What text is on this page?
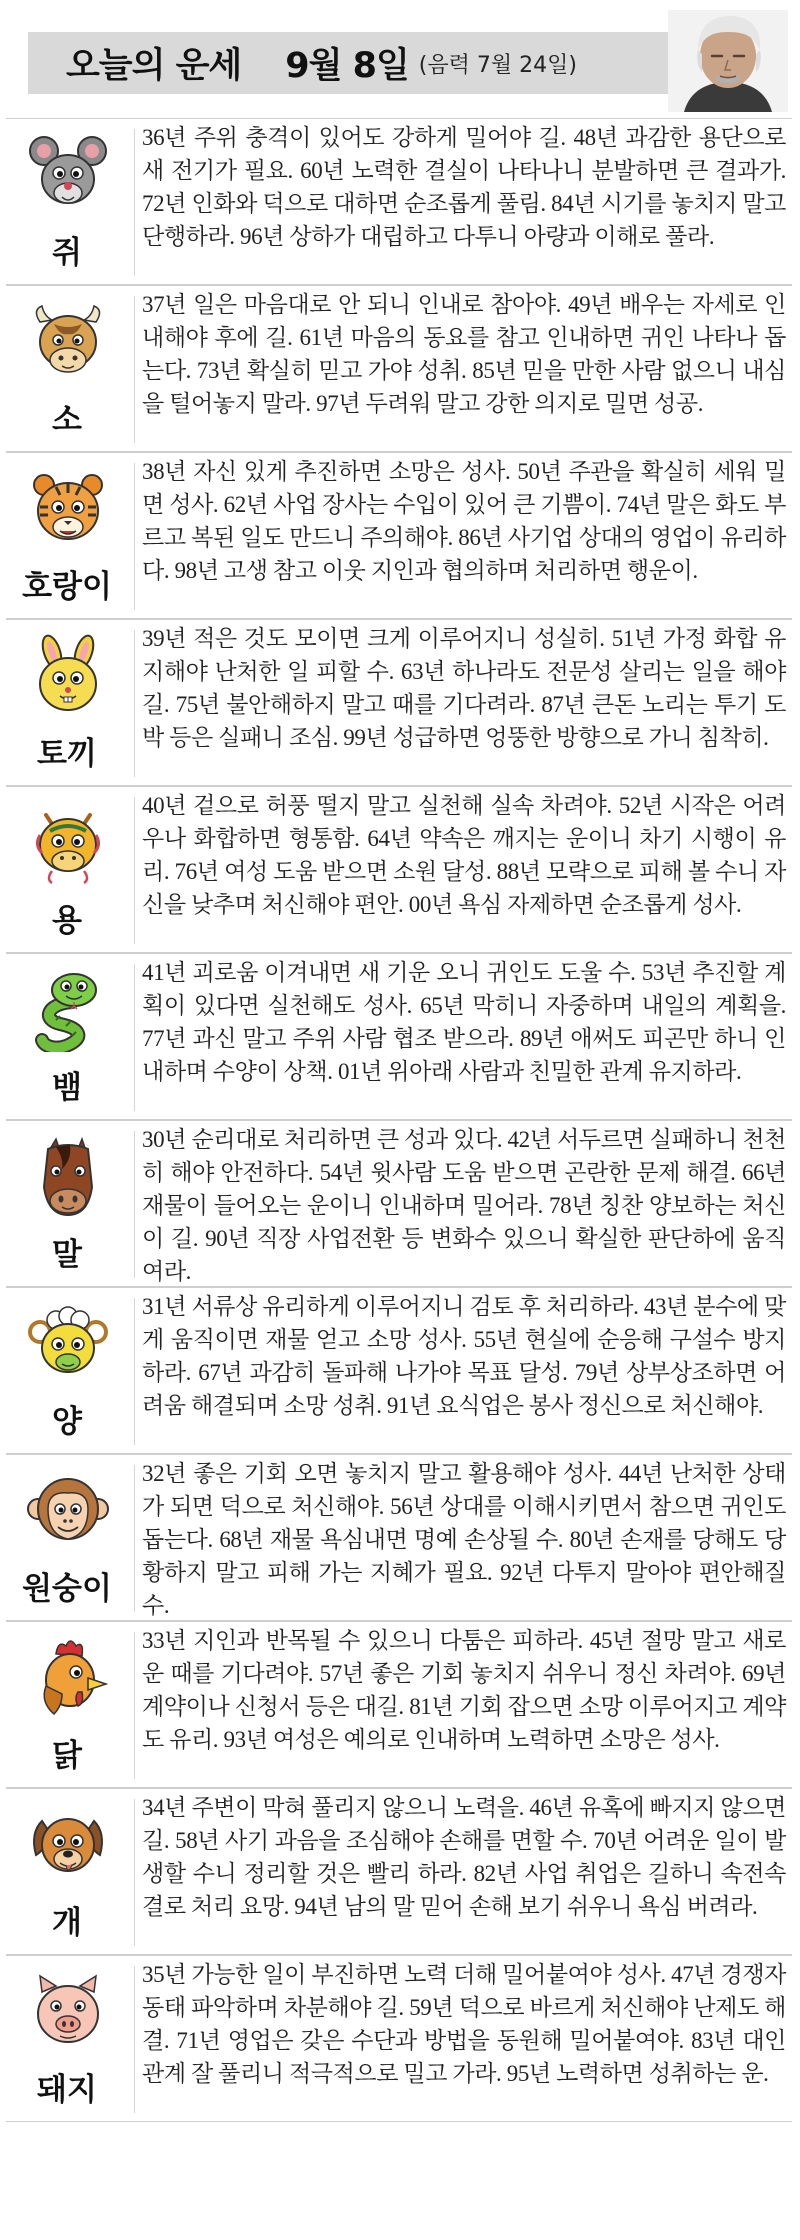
오늘의 운세 9월 8일 (음력 7월 24일)
쥐

36년 주위 충격이 있어도 강하게 밀어야 길. 48년 과감한 용단으로 새 전기가 필요. 60년 노력한 결실이 나타나니 분발하면 큰 결과가. 72년 인화와 덕으로 대하면 순조롭게 풀림. 84년 시기를 놓치지 말고 단행하라. 96년 상하가 대립하고 다투니 아량과 이해로 풀라.

소

37년 일은 마음대로 안 되니 인내로 참아야. 49년 배우는 자세로 인내해야 후에 길. 61년 마음의 동요를 참고 인내하면 귀인 나타나 돕는다. 73년 확실히 믿고 가야 성취. 85년 믿을 만한 사람 없으니 내심을 털어놓지 말라. 97년 두려워 말고 강한 의지로 밀면 성공.

호랑이

38년 자신 있게 추진하면 소망은 성사. 50년 주관을 확실히 세워 밀면 성사. 62년 사업 장사는 수입이 있어 큰 기쁨이. 74년 말은 화도 부르고 복된 일도 만드니 주의해야. 86년 사기업 상대의 영업이 유리하다. 98년 고생 참고 이웃 지인과 협의하며 처리하면 행운이.

토끼

39년 적은 것도 모이면 크게 이루어지니 성실히. 51년 가정 화합 유지해야 난처한 일 피할 수. 63년 하나라도 전문성 살리는 일을 해야 길. 75년 불안해하지 말고 때를 기다려라. 87년 큰돈 노리는 투기 도박 등은 실패니 조심. 99년 성급하면 엉뚱한 방향으로 가니 침착히.

용

40년 겉으로 허풍 떨지 말고 실천해 실속 차려야. 52년 시작은 어려우나 화합하면 형통함. 64년 약속은 깨지는 운이니 차기 시행이 유리. 76년 여성 도움 받으면 소원 달성. 88년 모략으로 피해 볼 수니 자신을 낮추며 처신해야 편안. 00년 욕심 자제하면 순조롭게 성사.

뱀

41년 괴로움 이겨내면 새 기운 오니 귀인도 도울 수. 53년 추진할 계획이 있다면 실천해도 성사. 65년 막히니 자중하며 내일의 계획을. 77년 과신 말고 주위 사람 협조 받으라. 89년 애써도 피곤만 하니 인내하며 수양이 상책. 01년 위아래 사람과 친밀한 관계 유지하라.

말

30년 순리대로 처리하면 큰 성과 있다. 42년 서두르면 실패하니 천천히 해야 안전하다. 54년 윗사람 도움 받으면 곤란한 문제 해결. 66년 재물이 들어오는 운이니 인내하며 밀어라. 78년 칭찬 양보하는 처신이 길. 90년 직장 사업전환 등 변화수 있으니 확실한 판단하에 움직여라.

양

31년 서류상 유리하게 이루어지니 검토 후 처리하라. 43년 분수에 맞게 움직이면 재물 얻고 소망 성사. 55년 현실에 순응해 구설수 방지하라. 67년 과감히 돌파해 나가야 목표 달성. 79년 상부상조하면 어려움 해결되며 소망 성취. 91년 요식업은 봉사 정신으로 처신해야.

원숭이

32년 좋은 기회 오면 놓치지 말고 활용해야 성사. 44년 난처한 상태가 되면 덕으로 처신해야. 56년 상대를 이해시키면서 참으면 귀인도 돕는다. 68년 재물 욕심내면 명예 손상될 수. 80년 손재를 당해도 당황하지 말고 피해 가는 지혜가 필요. 92년 다투지 말아야 편안해질 수.

닭

33년 지인과 반목될 수 있으니 다툼은 피하라. 45년 절망 말고 새로운 때를 기다려야. 57년 좋은 기회 놓치지 쉬우니 정신 차려야. 69년 계약이나 신청서 등은 대길. 81년 기회 잡으면 소망 이루어지고 계약도 유리. 93년 여성은 예의로 인내하며 노력하면 소망은 성사.

개

34년 주변이 막혀 풀리지 않으니 노력을. 46년 유혹에 빠지지 않으면 길. 58년 사기 과음을 조심해야 손해를 면할 수. 70년 어려운 일이 발생할 수니 정리할 것은 빨리 하라. 82년 사업 취업은 길하니 속전속결로 처리 요망. 94년 남의 말 믿어 손해 보기 쉬우니 욕심 버려라.

돼지

35년 가능한 일이 부진하면 노력 더해 밀어붙여야 성사. 47년 경쟁자 동태 파악하며 차분해야 길. 59년 덕으로 바르게 처신해야 난제도 해결. 71년 영업은 갖은 수단과 방법을 동원해 밀어붙여야. 83년 대인관계 잘 풀리니 적극적으로 밀고 가라. 95년 노력하면 성취하는 운.
